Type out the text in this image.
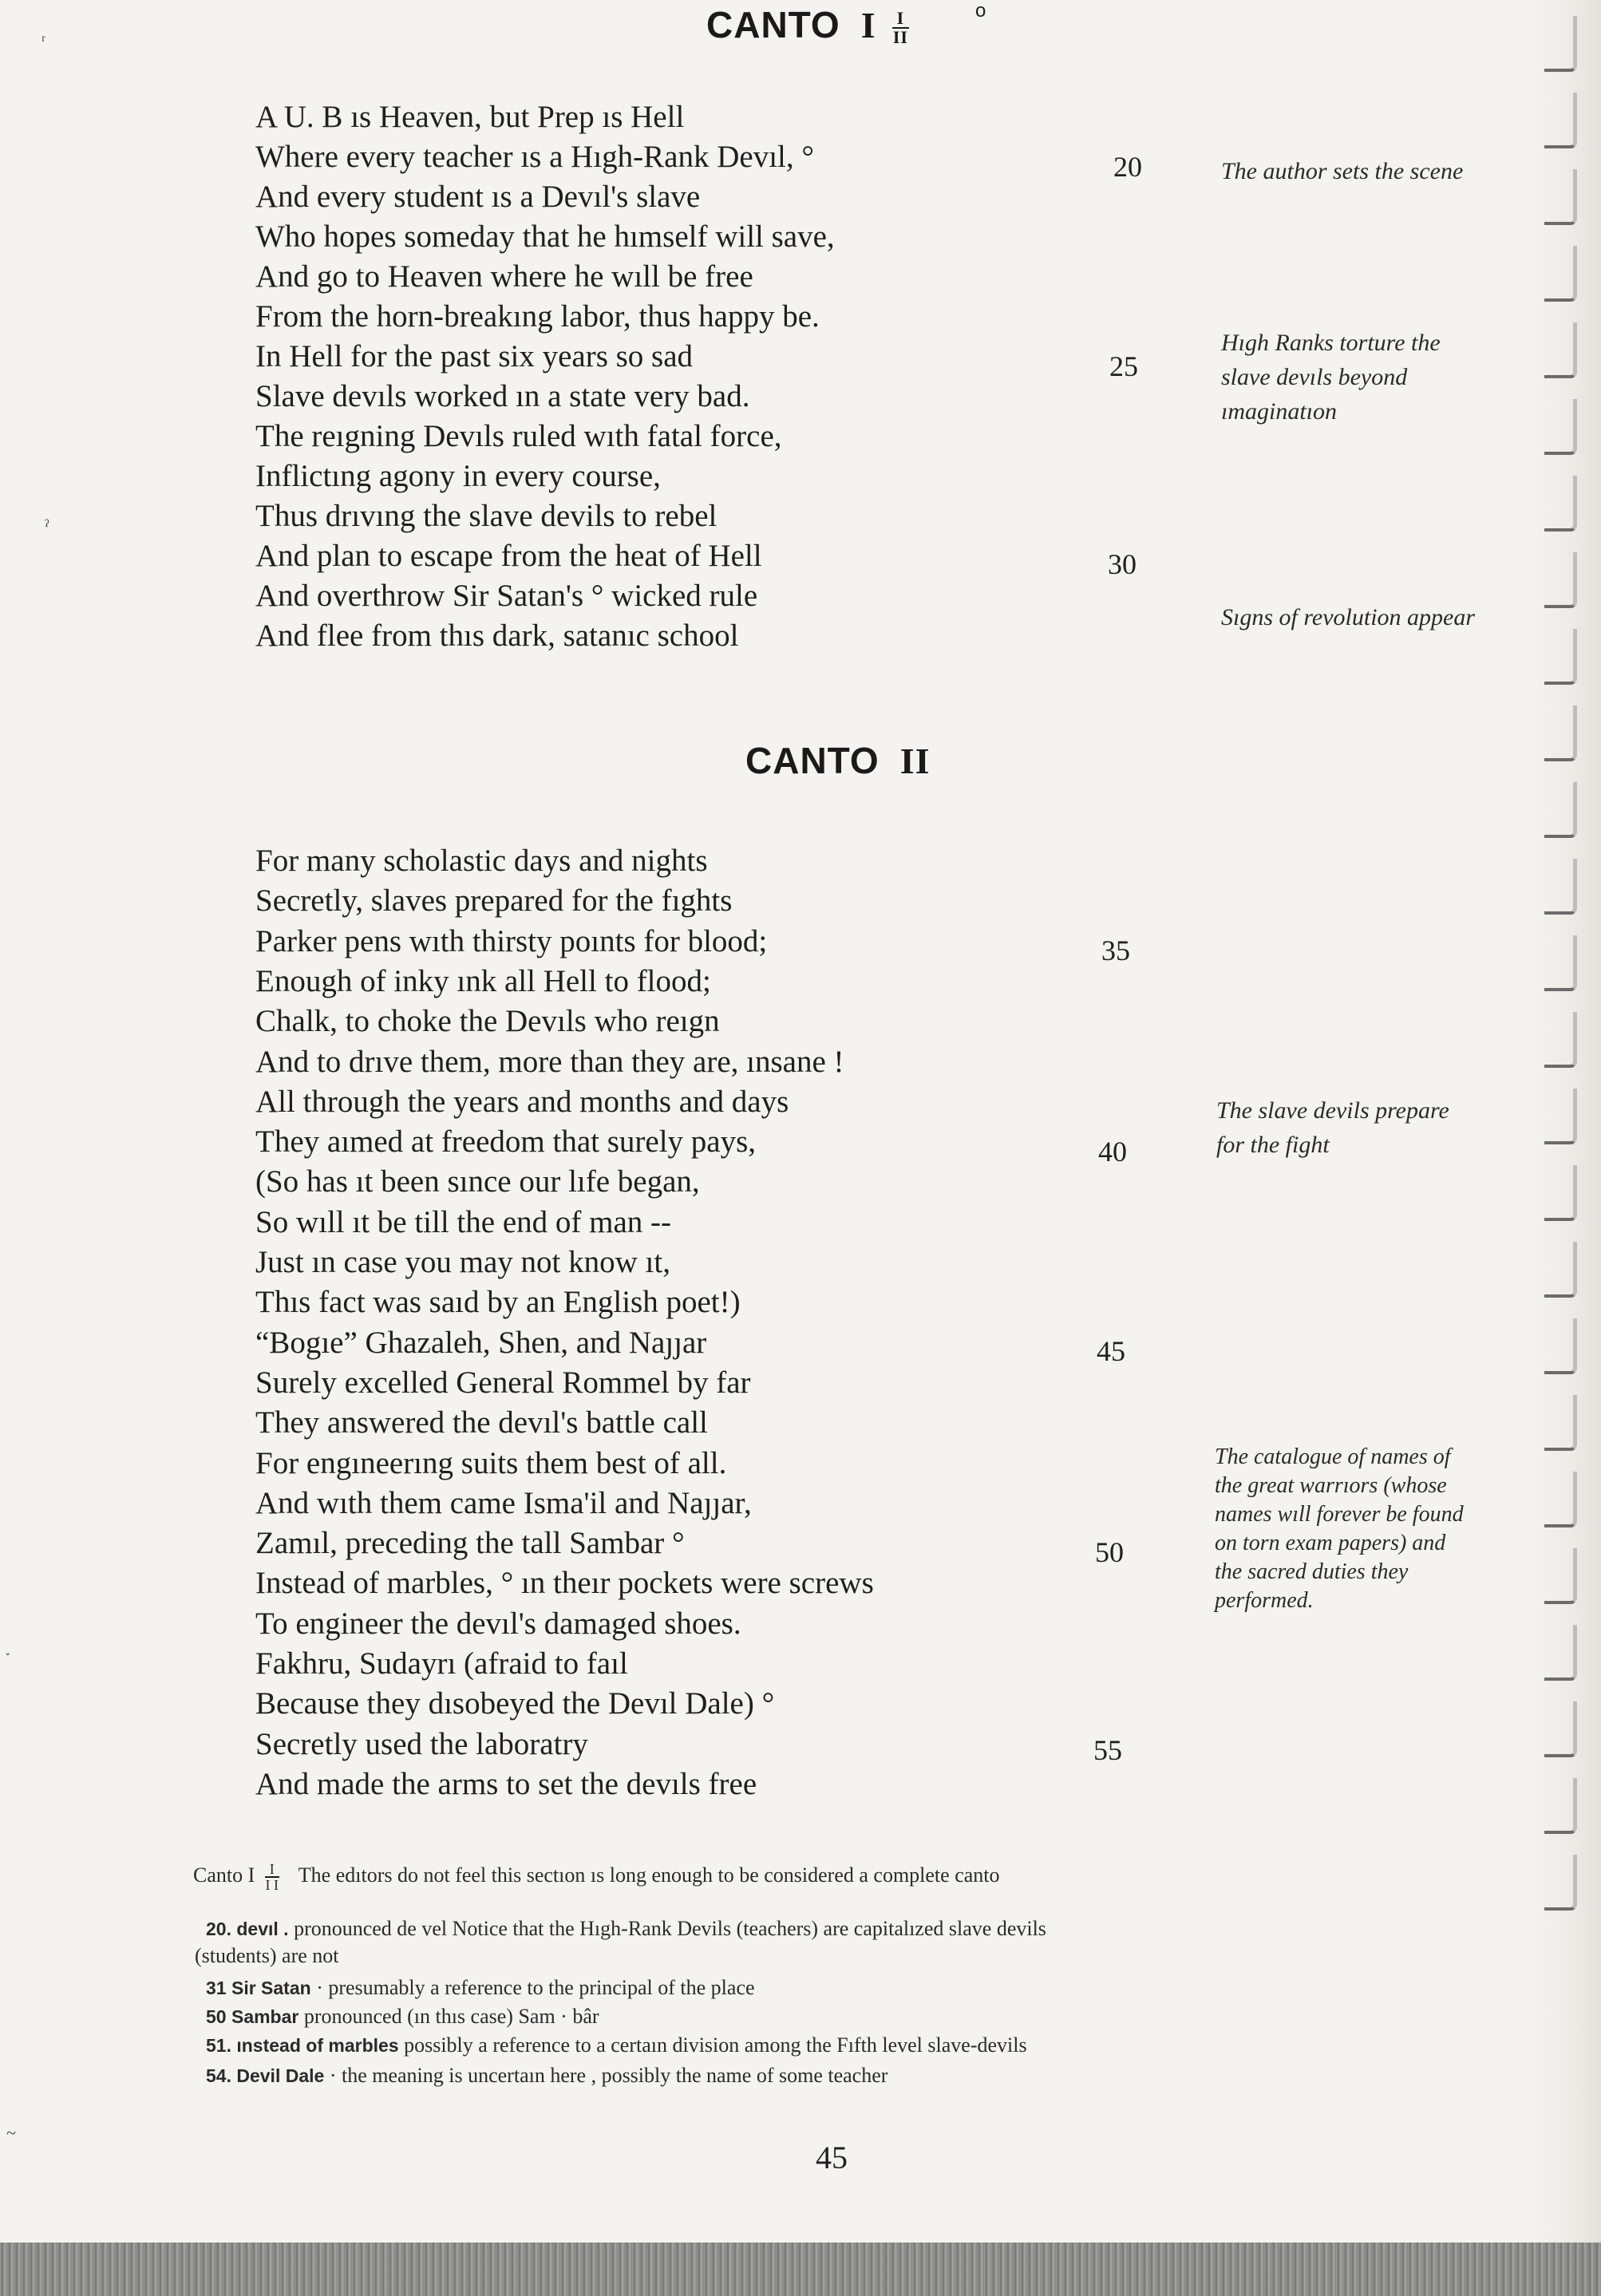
CANTO I $\frac{I}{II}$	o
A U. B ıs Heaven, but Prep ıs Hell
Where every teacher ıs a Hıgh-Rank Devıl, °
And every student ıs a Devıl's slave
Who hopes someday that he hımself will save,
And go to Heaven where he wıll be free
From the horn-breakıng labor, thus happy be.
In Hell for the past six years so sad
Slave devıls worked ın a state very bad.
The reıgning Devıls ruled wıth fatal force,
Inflictıng agony in every course,
Thus drıvıng the slave devils to rebel
And plan to escape from the heat of Hell
And overthrow Sir Satan's ° wicked rule
And flee from thıs dark, satanıc school
20
25
30
The author sets the scene
Hıgh Ranks torture the slave devıls beyond ımaginatıon
Sıgns of revolution appear
CANTO II
For many scholastic days and nights
Secretly, slaves prepared for the fıghts
Parker pens wıth thirsty poınts for blood;
Enough of inky ınk all Hell to flood;
Chalk, to choke the Devıls who reıgn
And to drıve them, more than they are, ınsane !
All through the years and months and days
They aımed at freedom that surely pays,
(So has ıt been sınce our lıfe began,
So wıll ıt be till the end of man --
Just ın case you may not know ıt,
Thıs fact was saıd by an English poet!)
“Bogıe” Ghazaleh, Shen, and Naȷȷar
Surely excelled General Rommel by far
They answered the devıl's battle call
For engıneerıng suits them best of all.
And wıth them came Isma'il and Naȷȷar,
Zamıl, preceding the tall Sambar °
Instead of marbles, ° ın theır pockets were screws
To engineer the devıl's damaged shoes.
Fakhru, Sudayrı (afraid to faıl
Because they dısobeyed the Devıl Dale) °
Secretly used the laboratry
And made the arms to set the devıls free
35
40
45
50
55
The slave devils prepare for the fight
The catalogue of names of the great warrıors (whose names wıll forever be found on torn exam papers) and the sacred duties they performed.
Canto I $\frac{I}{\text{I I}}$ The edıtors do not feel this sectıon ıs long enough to be considered a complete canto
20. devıl . pronounced de vel Notice that the Hıgh-Rank Devils (teachers) are capitalızed slave devils
(students) are not
31 Sir Satan · presumably a reference to the principal of the place
50 Sambar pronounced (ın thıs case) Sam · bâr
51. ınstead of marbles possibly a reference to a certaın division among the Fıfth level slave-devils
54. Devil Dale · the meaning is uncertaın here , possibly the name of some teacher
45
ʳ
ˀ
˯
~
